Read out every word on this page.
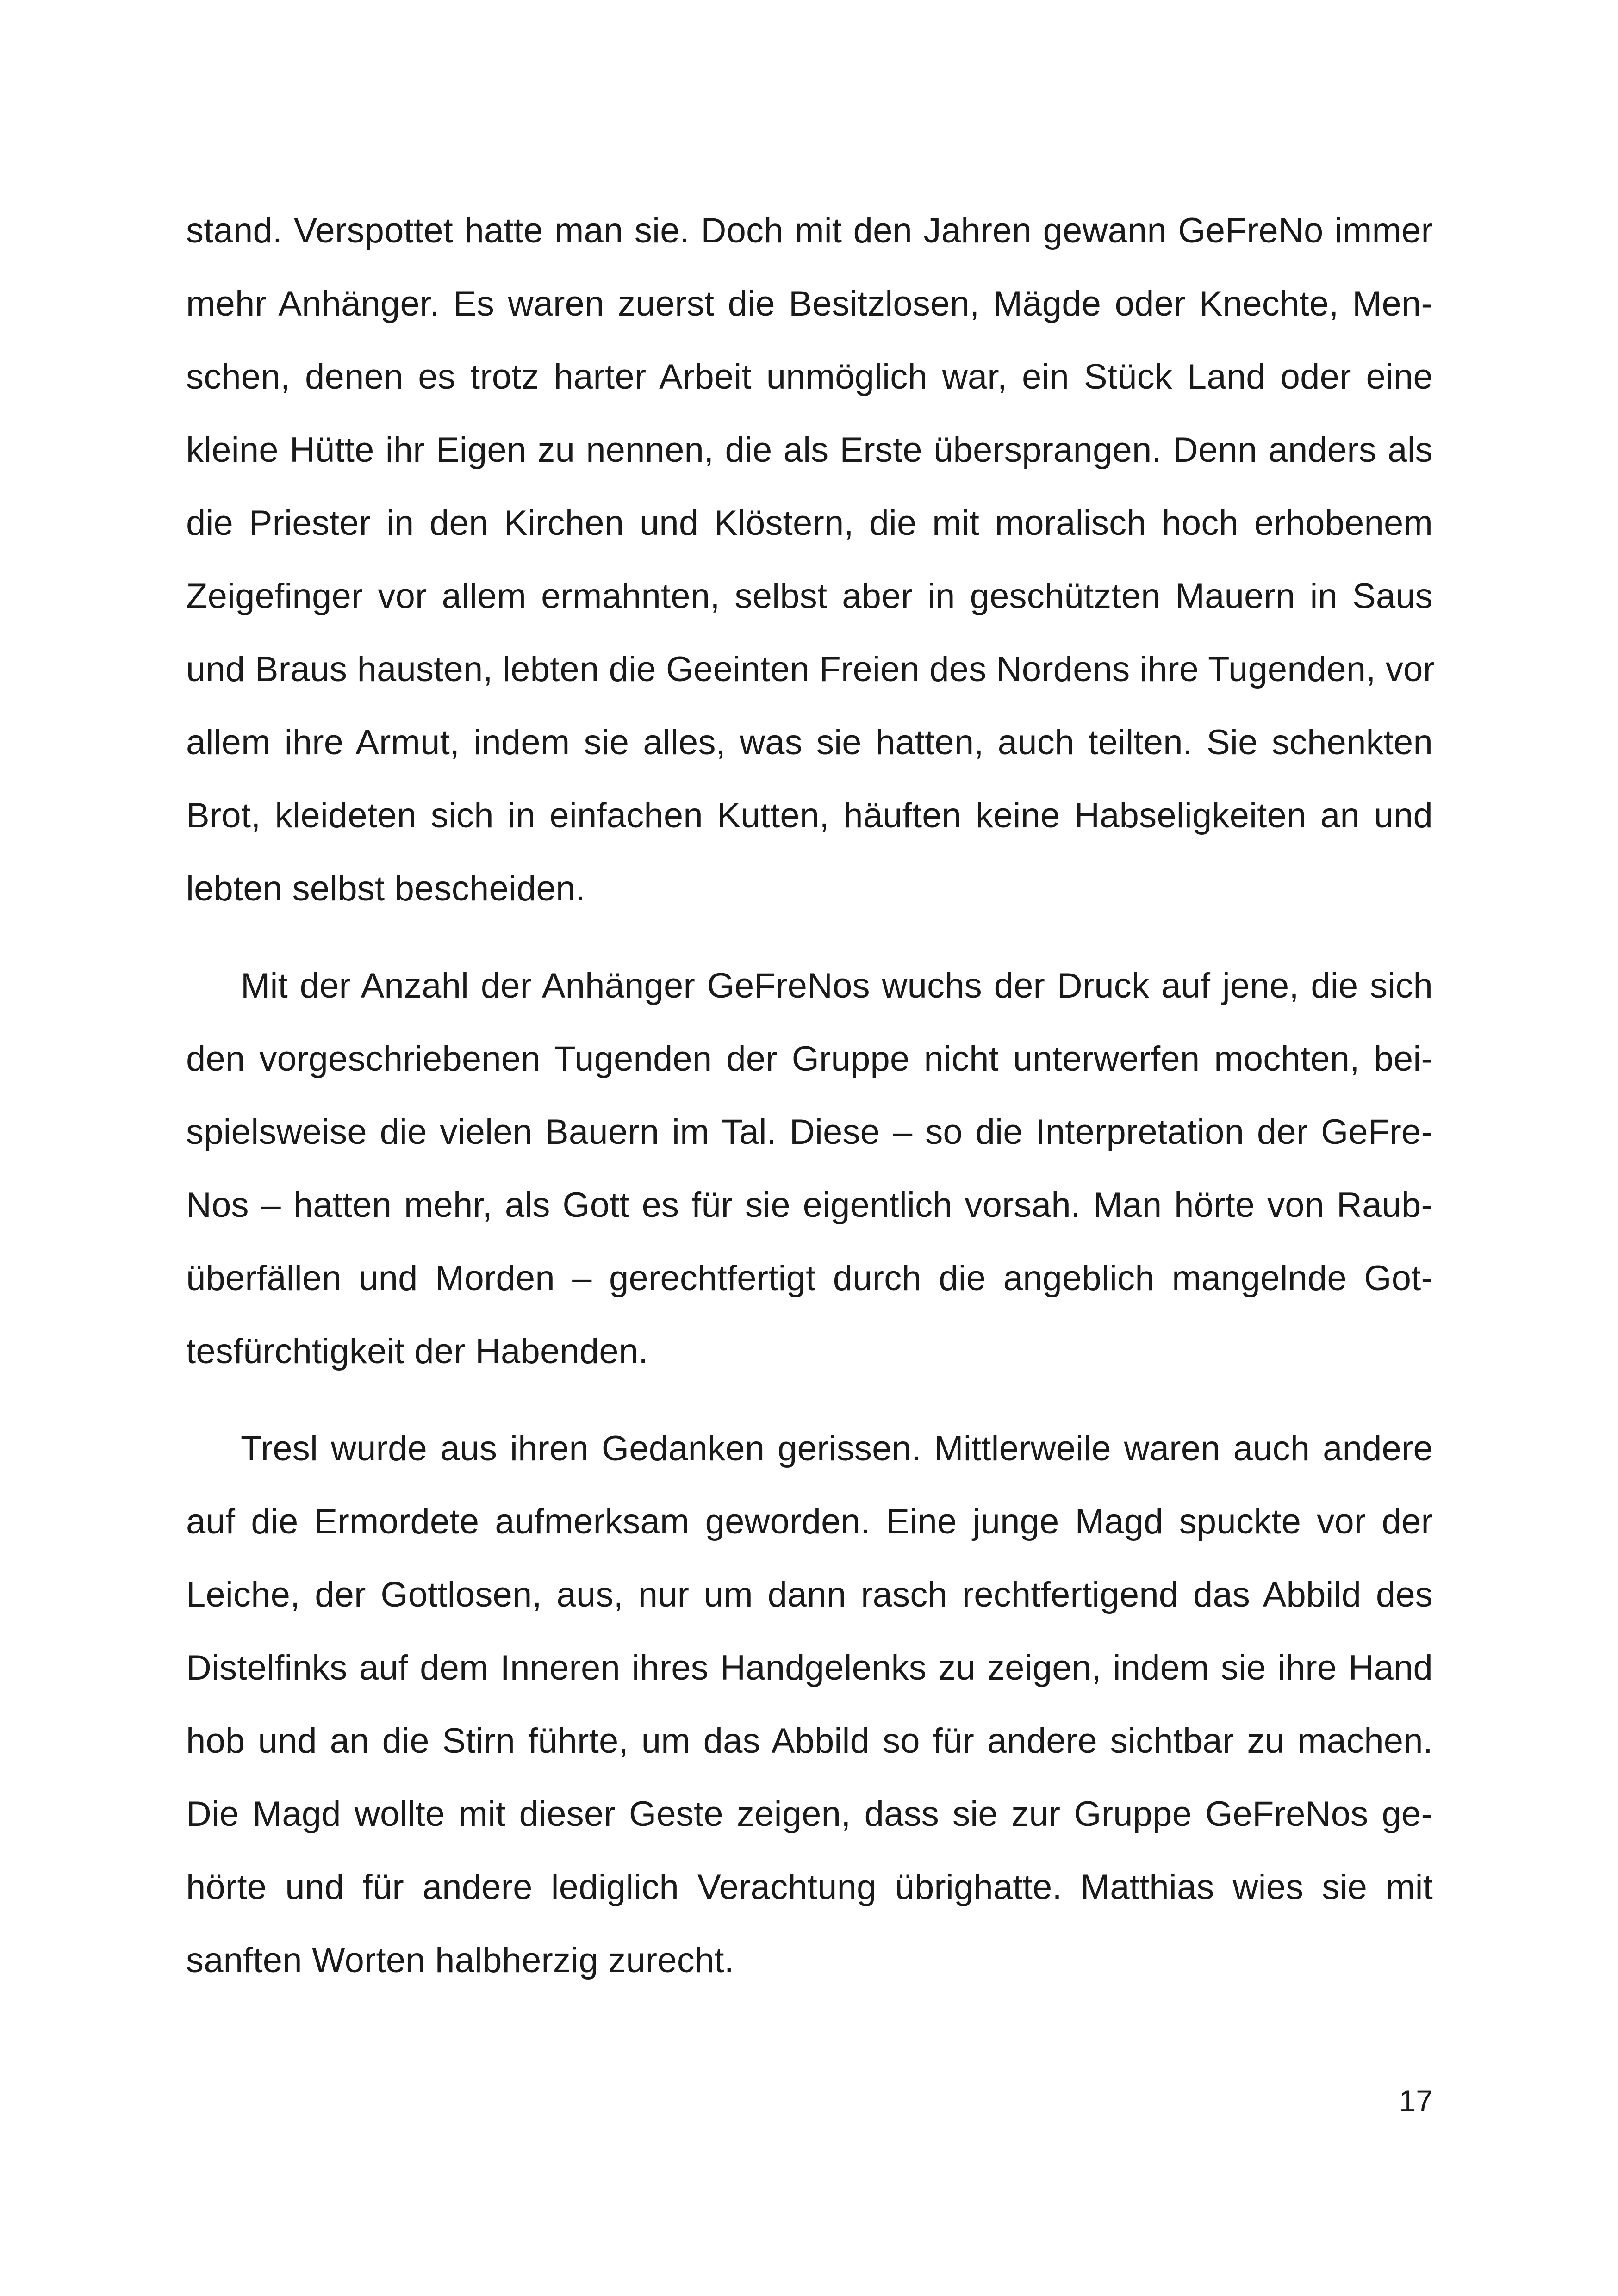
stand. Verspottet hatte man sie. Doch mit den Jahren gewann GeFreNo immer
mehr Anhänger. Es waren zuerst die Besitzlosen, Mägde oder Knechte, Men-
schen, denen es trotz harter Arbeit unmöglich war, ein Stück Land oder eine
kleine Hütte ihr Eigen zu nennen, die als Erste übersprangen. Denn anders als
die Priester in den Kirchen und Klöstern, die mit moralisch hoch erhobenem
Zeigefinger vor allem ermahnten, selbst aber in geschützten Mauern in Saus
und Braus hausten, lebten die Geeinten Freien des Nordens ihre Tugenden, vor
allem ihre Armut, indem sie alles, was sie hatten, auch teilten. Sie schenkten
Brot, kleideten sich in einfachen Kutten, häuften keine Habseligkeiten an und
lebten selbst bescheiden.
Mit der Anzahl der Anhänger GeFreNos wuchs der Druck auf jene, die sich
den vorgeschriebenen Tugenden der Gruppe nicht unterwerfen mochten, bei-
spielsweise die vielen Bauern im Tal. Diese – so die Interpretation der GeFre-
Nos – hatten mehr, als Gott es für sie eigentlich vorsah. Man hörte von Raub-
überfällen und Morden – gerechtfertigt durch die angeblich mangelnde Got-
tesfürchtigkeit der Habenden.
Tresl wurde aus ihren Gedanken gerissen. Mittlerweile waren auch andere
auf die Ermordete aufmerksam geworden. Eine junge Magd spuckte vor der
Leiche, der Gottlosen, aus, nur um dann rasch rechtfertigend das Abbild des
Distelfinks auf dem Inneren ihres Handgelenks zu zeigen, indem sie ihre Hand
hob und an die Stirn führte, um das Abbild so für andere sichtbar zu machen.
Die Magd wollte mit dieser Geste zeigen, dass sie zur Gruppe GeFreNos ge-
hörte und für andere lediglich Verachtung übrighatte. Matthias wies sie mit
sanften Worten halbherzig zurecht.
17
